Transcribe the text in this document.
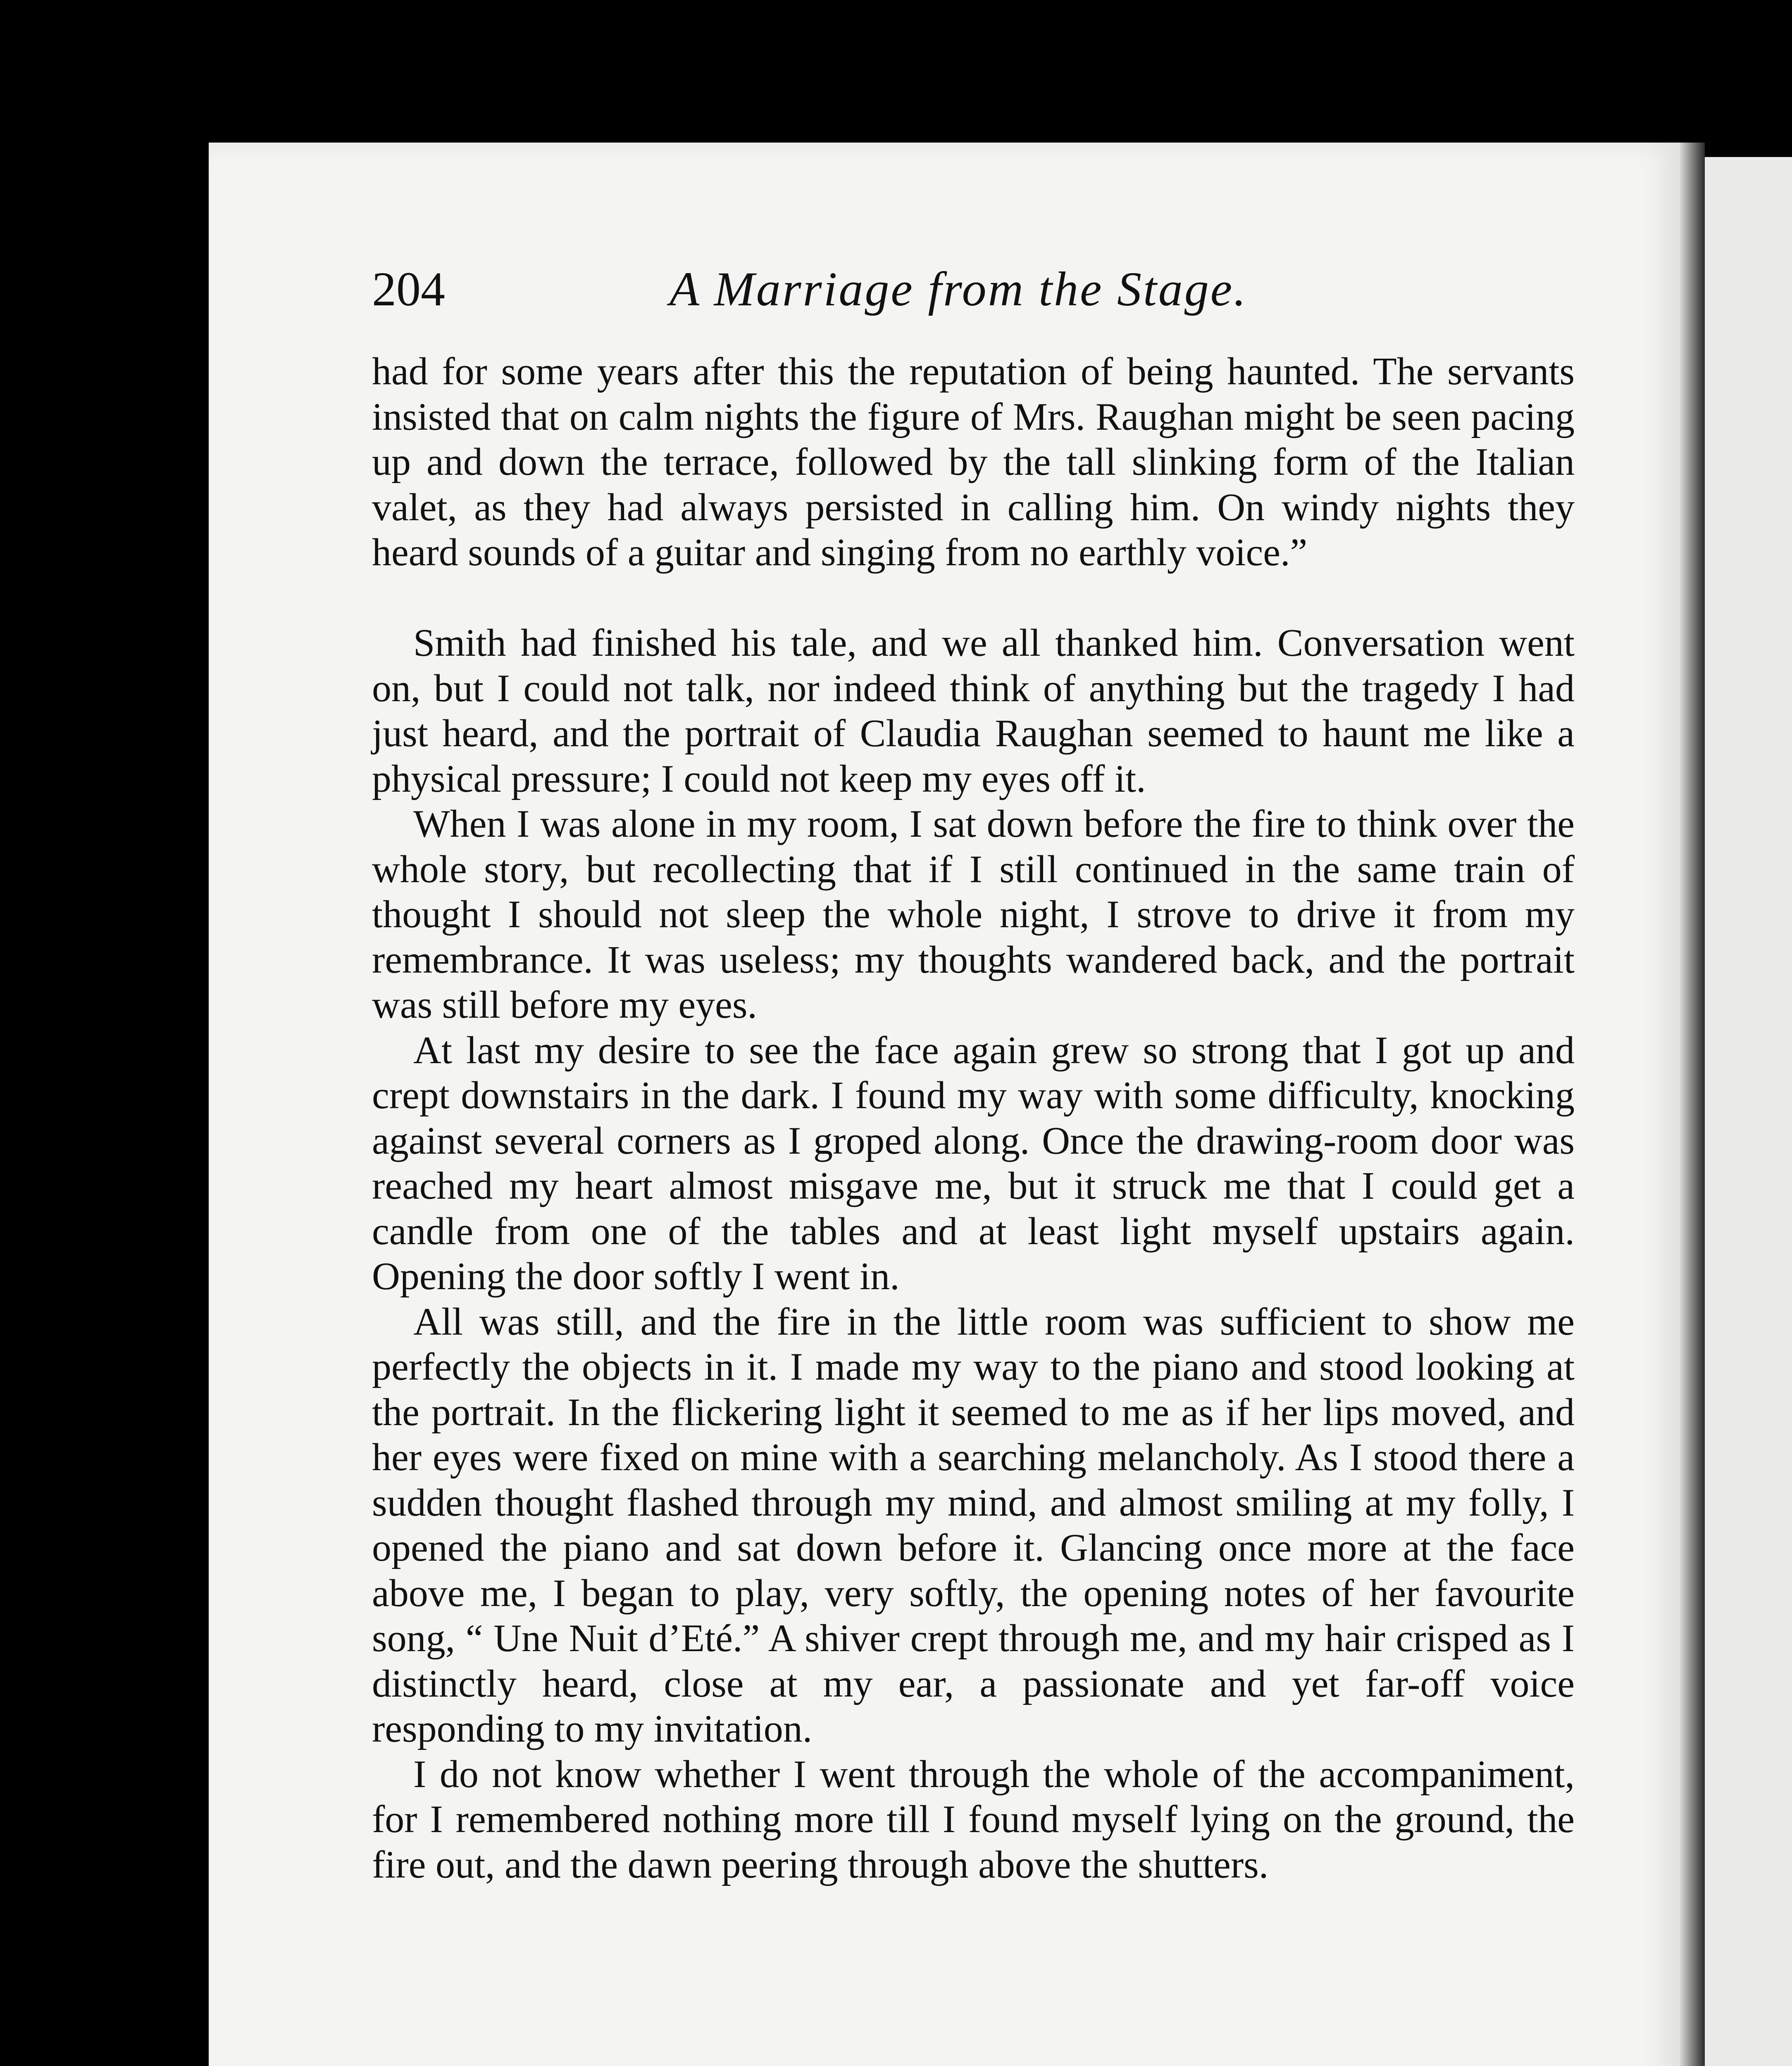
204	A Marriage from the Stage.

had for some years after this the reputation of being haunted. The servants insisted that on calm nights the figure of Mrs. Raughan might be seen pacing up and down the terrace, followed by the tall slinking form of the Italian valet, as they had always persisted in calling him. On windy nights they heard sounds of a guitar and singing from no earthly voice.”

Smith had finished his tale, and we all thanked him. Conversation went on, but I could not talk, nor indeed think of anything but the tragedy I had just heard, and the portrait of Claudia Raughan seemed to haunt me like a physical pressure; I could not keep my eyes off it.

When I was alone in my room, I sat down before the fire to think over the whole story, but recollecting that if I still continued in the same train of thought I should not sleep the whole night, I strove to drive it from my remembrance. It was useless; my thoughts wandered back, and the portrait was still before my eyes.

At last my desire to see the face again grew so strong that I got up and crept downstairs in the dark. I found my way with some difficulty, knocking against several corners as I groped along. Once the drawing-room door was reached my heart almost misgave me, but it struck me that I could get a candle from one of the tables and at least light myself upstairs again. Opening the door softly I went in.

All was still, and the fire in the little room was sufficient to show me perfectly the objects in it. I made my way to the piano and stood looking at the portrait. In the flickering light it seemed to me as if her lips moved, and her eyes were fixed on mine with a searching melancholy. As I stood there a sudden thought flashed through my mind, and almost smiling at my folly, I opened the piano and sat down before it. Glancing once more at the face above me, I began to play, very softly, the opening notes of her favourite song, “ Une Nuit d’Eté.” A shiver crept through me, and my hair crisped as I distinctly heard, close at my ear, a passionate and yet far-off voice responding to my invitation.

I do not know whether I went through the whole of the accompaniment, for I remembered nothing more till I found myself lying on the ground, the fire out, and the dawn peering through above the shutters.
